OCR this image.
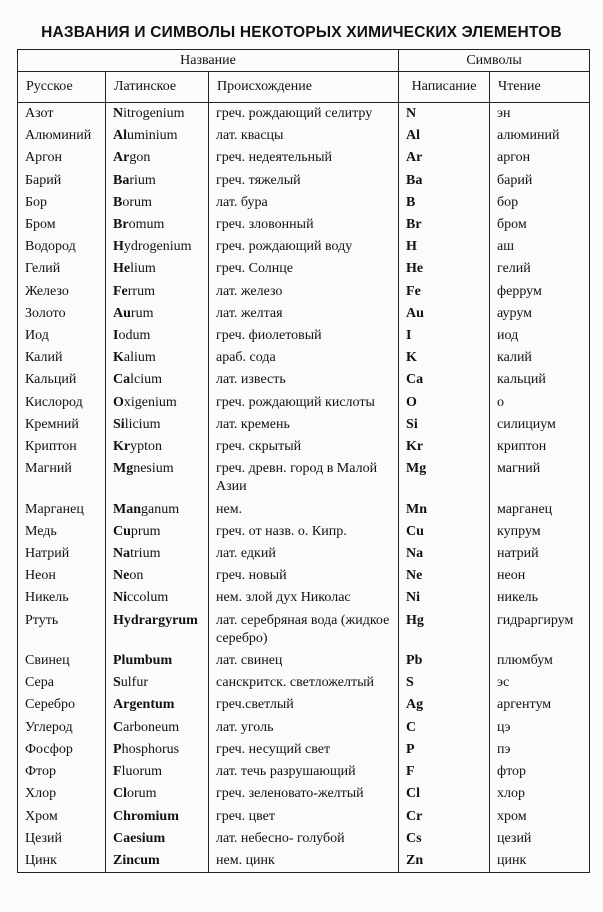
НАЗВАНИЯ И СИМВОЛЫ НЕКОТОРЫХ ХИМИЧЕСКИХ ЭЛЕМЕНТОВ
Название			Символы	
Русское	Латинское	Происхождение	Написание	Чтение
Азот	Nitrogenium	греч. рождающий селитру	N	эн
Алюминий	Aluminium	лат. квасцы	Al	алюминий
Аргон	Argon	греч. недеятельный	Ar	аргон
Барий	Barium	греч. тяжелый	Ba	барий
Бор	Borum	лат. бура	B	бор
Бром	Bromum	греч. зловонный	Br	бром
Водород	Hydrogenium	греч. рождающий воду	H	аш
Гелий	Helium	греч. Солнце	He	гелий
Железо	Ferrum	лат. железо	Fe	феррум
Золото	Aurum	лат. желтая	Au	аурум
Иод	Iodum	греч. фиолетовый	I	иод
Калий	Kalium	араб. сода	K	калий
Кальций	Calcium	лат. известь	Ca	кальций
Кислород	Oxigenium	греч. рождающий кислоты	O	о
Кремний	Silicium	лат. кремень	Si	силициум
Криптон	Krypton	греч. скрытый	Kr	криптон
Магний	Mgnesium	греч. древн. город в Малой Азии	Mg	магний
Марганец	Manganum	нем.	Mn	марганец
Медь	Cuprum	греч. от назв. о. Кипр.	Cu	купрум
Натрий	Natrium	лат. едкий	Na	натрий
Неон	Neon	греч. новый	Ne	неон
Никель	Niccolum	нем. злой дух Николас	Ni	никель
Ртуть	Hydrargyrum	лат. серебряная вода (жидкое серебро)	Hg	гидраргирум
Свинец	Plumbum	лат. свинец	Pb	плюмбум
Сера	Sulfur	санскритск. светложелтый	S	эс
Серебро	Argentum	греч.светлый	Ag	аргентум
Углерод	Carboneum	лат. уголь	C	цэ
Фосфор	Phosphorus	греч. несущий свет	P	пэ
Фтор	Fluorum	лат. течь разрушающий	F	фтор
Хлор	Clorum	греч. зеленовато-желтый	Cl	хлор
Хром	Chromium	греч. цвет	Cr	хром
Цезий	Caesium	лат. небесно- голубой	Cs	цезий
Цинк	Zincum	нем. цинк	Zn	цинк
